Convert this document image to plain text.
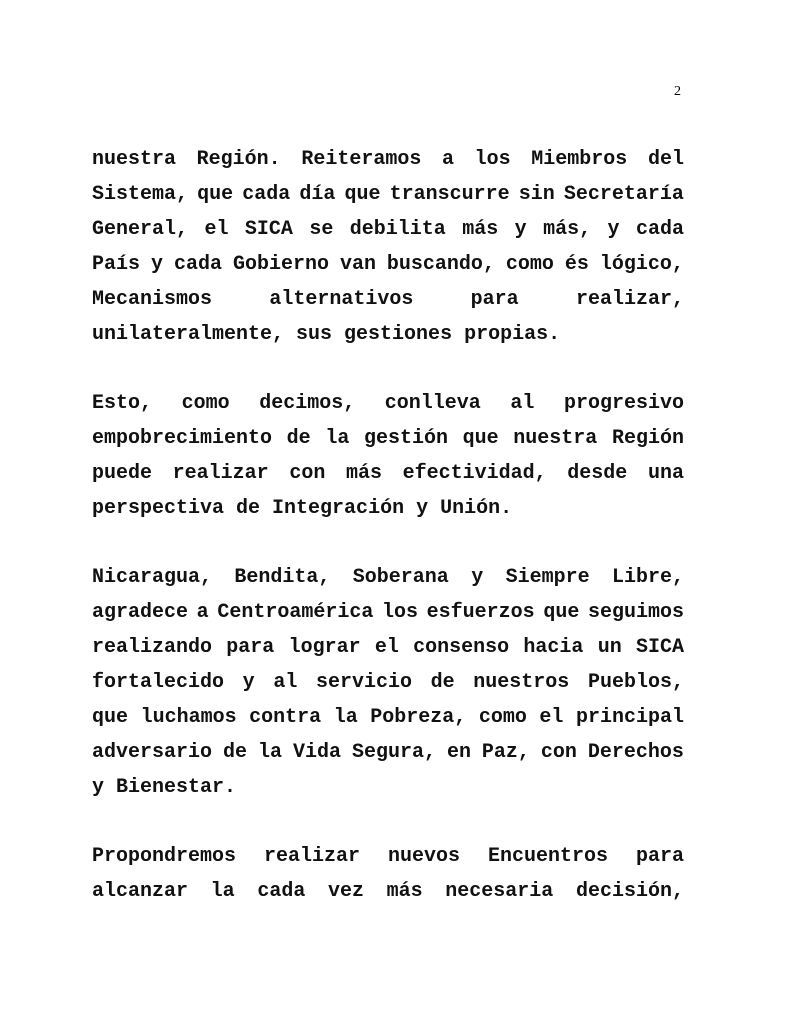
2
nuestra Región. Reiteramos a los Miembros del
Sistema, que cada día que transcurre sin Secretaría
General, el SICA se debilita más y más, y cada
País y cada Gobierno van buscando, como és lógico,
Mecanismos	alternativos	para	realizar,
unilateralmente, sus gestiones propias.
Esto, como decimos, conlleva al progresivo
empobrecimiento de la gestión que nuestra Región
puede realizar con más efectividad, desde una
perspectiva de Integración y Unión.
Nicaragua, Bendita, Soberana y Siempre Libre,
agradece a Centroamérica los esfuerzos que seguimos
realizando para lograr el consenso hacia un SICA
fortalecido y al servicio de nuestros Pueblos,
que luchamos contra la Pobreza, como el principal
adversario de la Vida Segura, en Paz, con Derechos
y Bienestar.
Propondremos realizar nuevos Encuentros para
alcanzar la cada vez más necesaria decisión,
